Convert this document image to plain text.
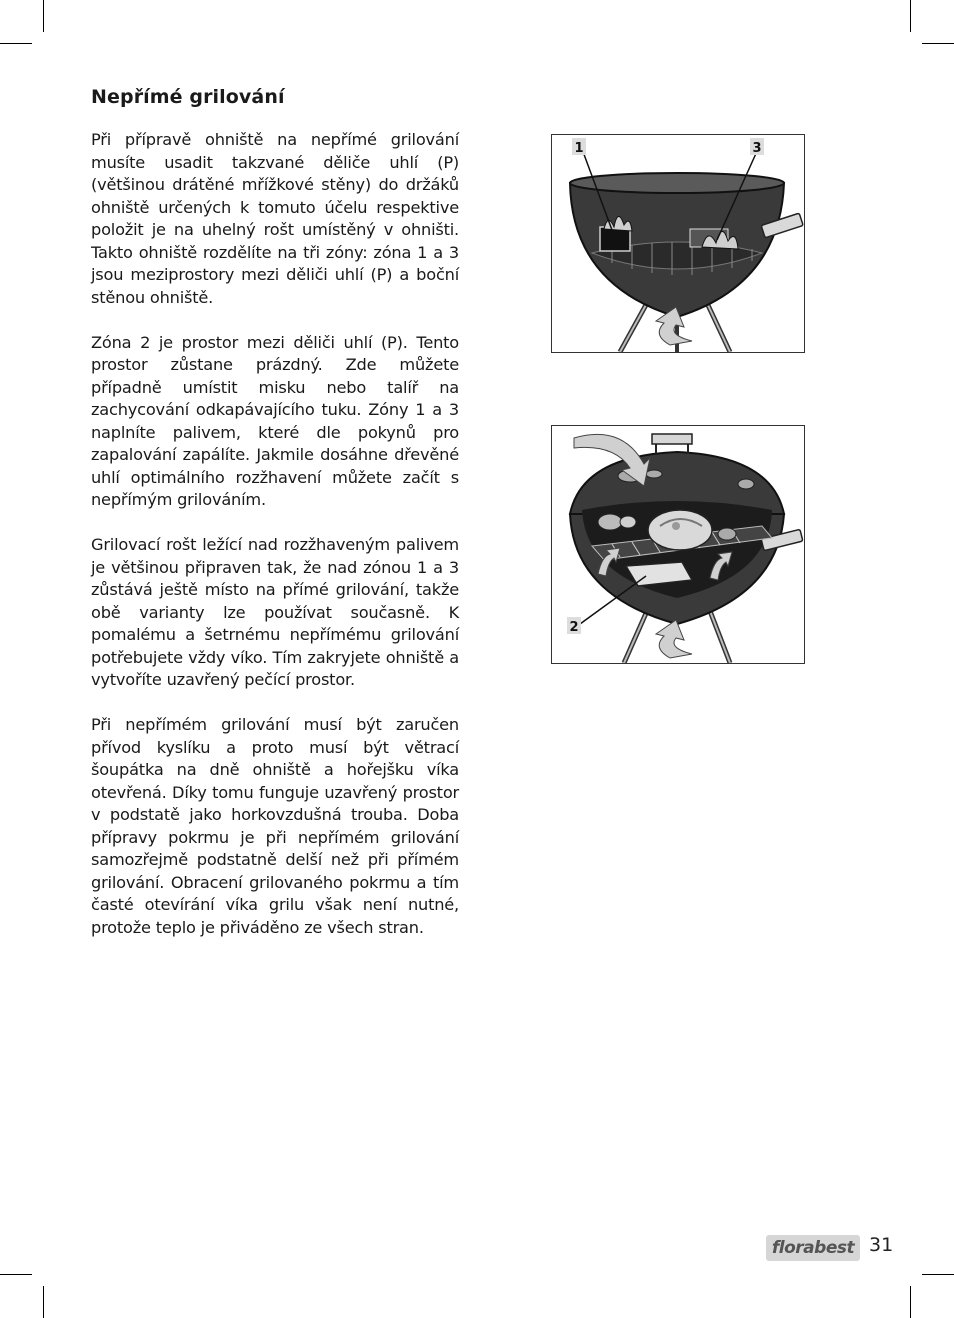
Nepřímé grilování

Při přípravě ohniště na nepřímé grilování musíte usadit takzvané děliče uhlí (P) (většinou drátěné mřížkové stěny) do držáků ohniště určených k tomuto účelu respektive položit je na uhelný rošt umístěný v ohništi. Takto ohniště rozdělíte na tři zóny: zóna 1 a 3 jsou meziprostory mezi děliči uhlí (P) a boční stěnou ohniště.

Zóna 2 je prostor mezi děliči uhlí (P). Tento prostor zůstane prázdný. Zde můžete případně umístit misku nebo talíř na zachycování odkapávajícího tuku. Zóny 1 a 3 naplníte palivem, které dle pokynů pro zapalování zapálíte. Jakmile dosáhne dřevěné uhlí optimálního rozžhavení můžete začít s nepřímým grilováním.

Grilovací rošt ležící nad rozžhaveným palivem je většinou připraven tak, že nad zónou 1 a 3 zůstává ještě místo na přímé grilování, takže obě varianty lze používat současně. K pomalému a šetrnému nepřímému grilování potřebujete vždy víko. Tím zakryjete ohniště a vytvoříte uzavřený pečící prostor.

Při nepřímém grilování musí být zaručen přívod kyslíku a proto musí být větrací šoupátka na dně ohniště a hořejšku víka otevřená. Díky tomu funguje uzavřený prostor v podstatě jako horkovzdušná trouba. Doba přípravy pokrmu je při nepřímém grilování samozřejmě podstatně delší než při přímém grilování. Obracení grilovaného pokrmu a tím časté otevírání víka grilu však není nutné, protože teplo je přiváděno ze všech stran.

1	3
2
florabest 31
